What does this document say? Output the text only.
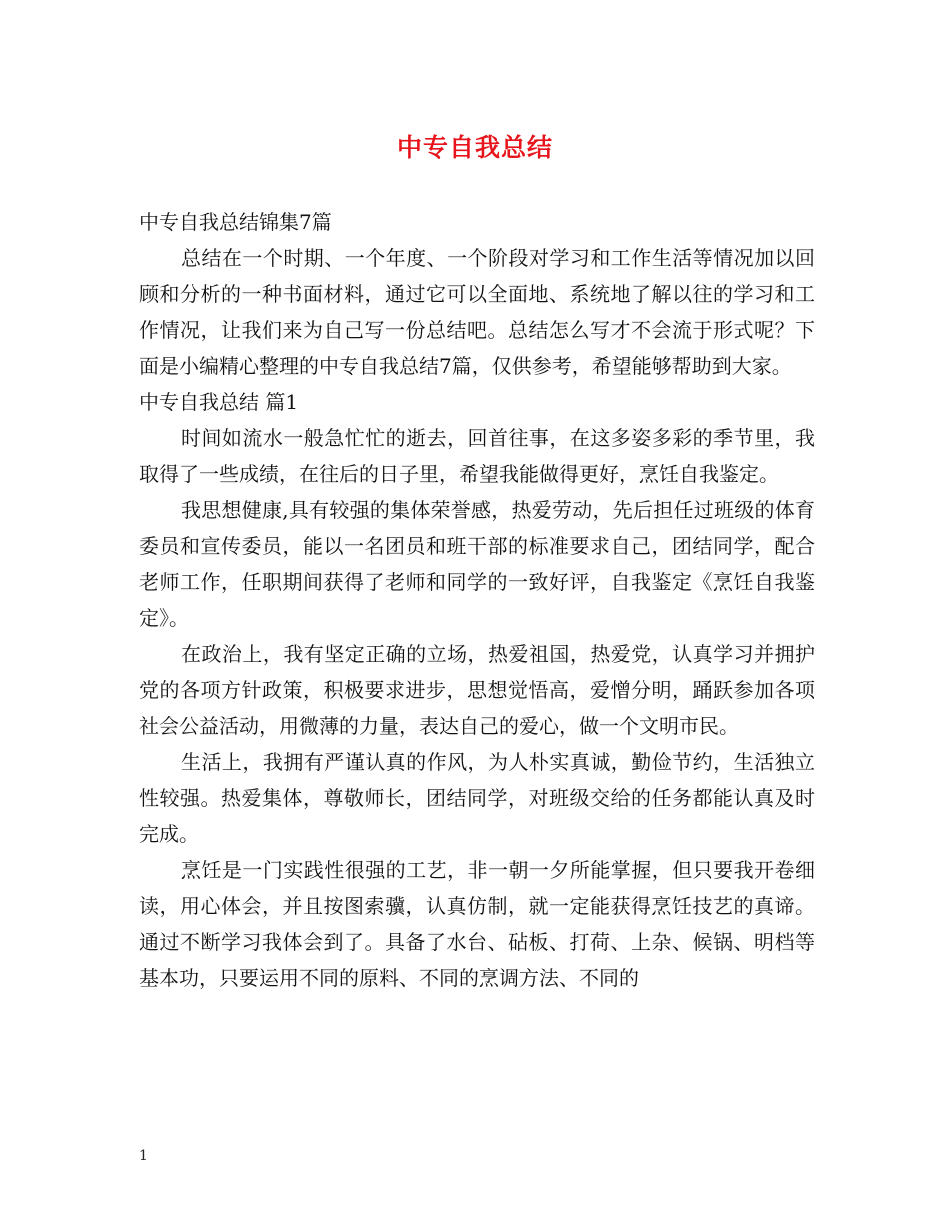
中专自我总结

中专自我总结锦集7篇

总结在一个时期、一个年度、一个阶段对学习和工作生活等情况加以回顾和分析的一种书面材料，通过它可以全面地、系统地了解以往的学习和工作情况，让我们来为自己写一份总结吧。总结怎么写才不会流于形式呢？下面是小编精心整理的中专自我总结7篇，仅供参考，希望能够帮助到大家。

中专自我总结 篇1

时间如流水一般急忙忙的逝去，回首往事，在这多姿多彩的季节里，我取得了一些成绩，在往后的日子里，希望我能做得更好，烹饪自我鉴定。

我思想健康,具有较强的集体荣誉感，热爱劳动，先后担任过班级的体育委员和宣传委员，能以一名团员和班干部的标准要求自己，团结同学，配合老师工作，任职期间获得了老师和同学的一致好评，自我鉴定《烹饪自我鉴定》。

在政治上，我有坚定正确的立场，热爱祖国，热爱党，认真学习并拥护党的各项方针政策，积极要求进步，思想觉悟高，爱憎分明，踊跃参加各项社会公益活动，用微薄的力量，表达自己的爱心，做一个文明市民。

生活上，我拥有严谨认真的作风，为人朴实真诚，勤俭节约，生活独立性较强。热爱集体，尊敬师长，团结同学，对班级交给的任务都能认真及时完成。

烹饪是一门实践性很强的工艺，非一朝一夕所能掌握，但只要我开卷细读，用心体会，并且按图索骥，认真仿制，就一定能获得烹饪技艺的真谛。通过不断学习我体会到了。具备了水台、砧板、打荷、上杂、候锅、明档等基本功，只要运用不同的原料、不同的烹调方法、不同的

1
